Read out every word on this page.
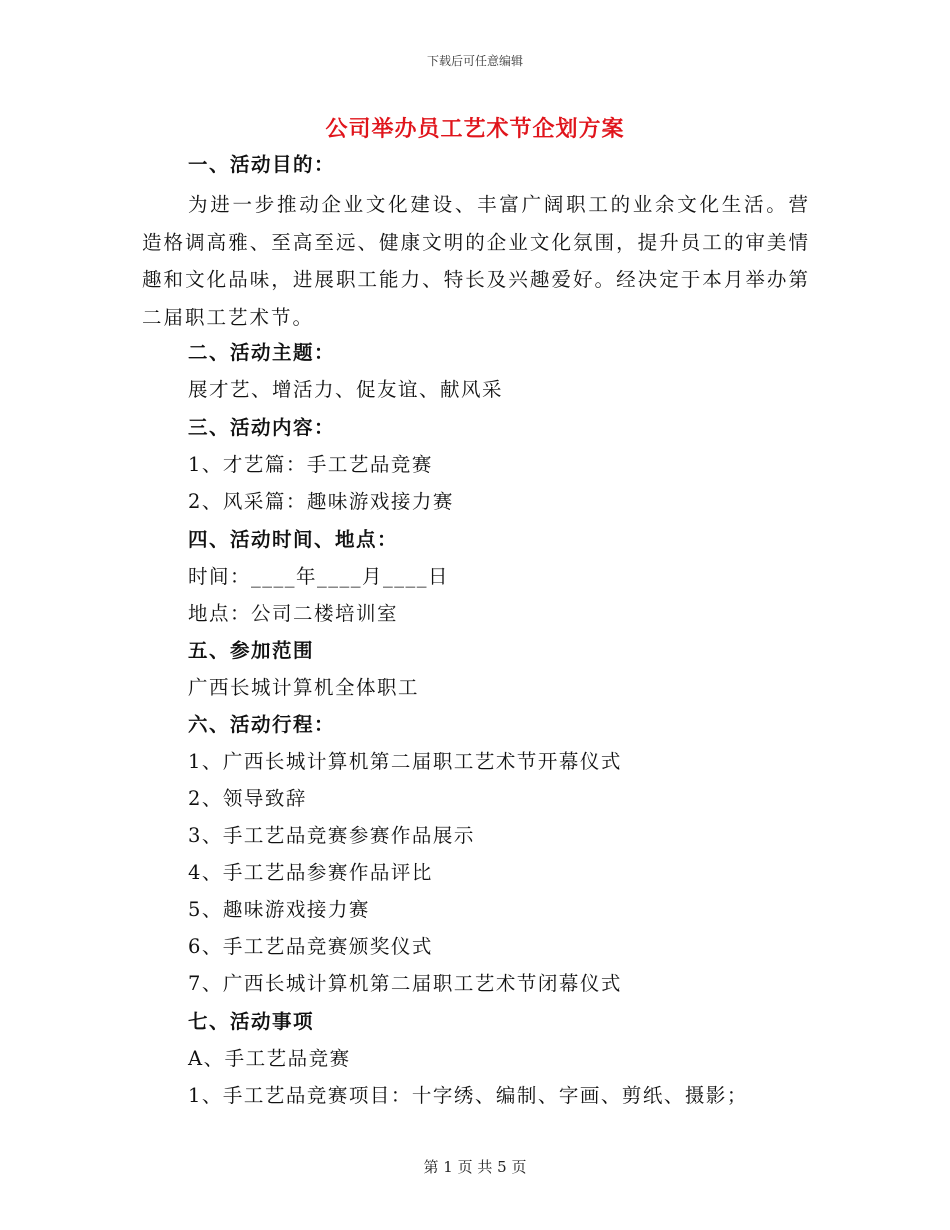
下载后可任意编辑
公司举办员工艺术节企划方案
一、活动目的：
为进一步推动企业文化建设、丰富广阔职工的业余文化生活。营造格调高雅、至高至远、健康文明的企业文化氛围，提升员工的审美情趣和文化品味，进展职工能力、特长及兴趣爱好。经决定于本月举办第二届职工艺术节。
二、活动主题：
展才艺、增活力、促友谊、献风采
三、活动内容：
1、才艺篇：手工艺品竞赛
2、风采篇：趣味游戏接力赛
四、活动时间、地点：
时间：____年____月____日
地点：公司二楼培训室
五、参加范围
广西长城计算机全体职工
六、活动行程：
1、广西长城计算机第二届职工艺术节开幕仪式
2、领导致辞
3、手工艺品竞赛参赛作品展示
4、手工艺品参赛作品评比
5、趣味游戏接力赛
6、手工艺品竞赛颁奖仪式
7、广西长城计算机第二届职工艺术节闭幕仪式
七、活动事项
A、手工艺品竞赛
1、手工艺品竞赛项目：十字绣、编制、字画、剪纸、摄影；
第 1 页 共 5 页
